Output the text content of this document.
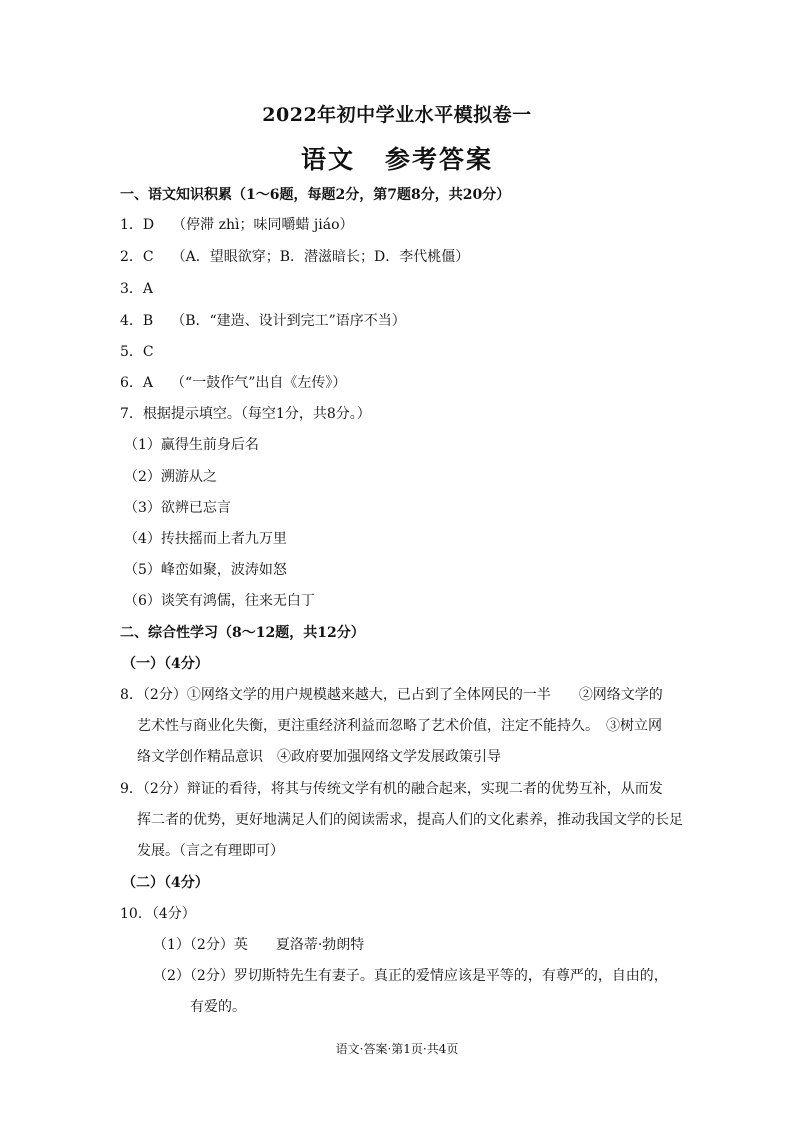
2022年初中学业水平模拟卷一
语文 参考答案
一、语文知识积累（1～6题，每题2分，第7题8分，共20分）
1．D （停滞 zhì；味同嚼蜡 jiáo）
2．C （A．望眼欲穿；B．潜滋暗长；D．李代桃僵）
3．A
4．B （B．“建造、设计到完工”语序不当）
5．C
6．A （“一鼓作气”出自《左传》）
7．根据提示填空。（每空1分，共8分。）
（1）赢得生前身后名
（2）溯游从之
（3）欲辨已忘言
（4）抟扶摇而上者九万里
（5）峰峦如聚，波涛如怒
（6）谈笑有鸿儒，往来无白丁
二、综合性学习（8～12题，共12分）
（一）（4分）
8．（2分）①网络文学的用户规模越来越大，已占到了全体网民的一半　　②网络文学的
艺术性与商业化失衡，更注重经济利益而忽略了艺术价值，注定不能持久。　③树立网
络文学创作精品意识　④政府要加强网络文学发展政策引导
9．（2分）辩证的看待，将其与传统文学有机的融合起来，实现二者的优势互补，从而发
挥二者的优势，更好地满足人们的阅读需求，提高人们的文化素养，推动我国文学的长足
发展。（言之有理即可）
（二）（4分）
10．（4分）
（1）（2分）英　　夏洛蒂·勃朗特
（2）（2分）罗切斯特先生有妻子。真正的爱情应该是平等的，有尊严的，自由的，
有爱的。
语文·答案·第1页·共4页
